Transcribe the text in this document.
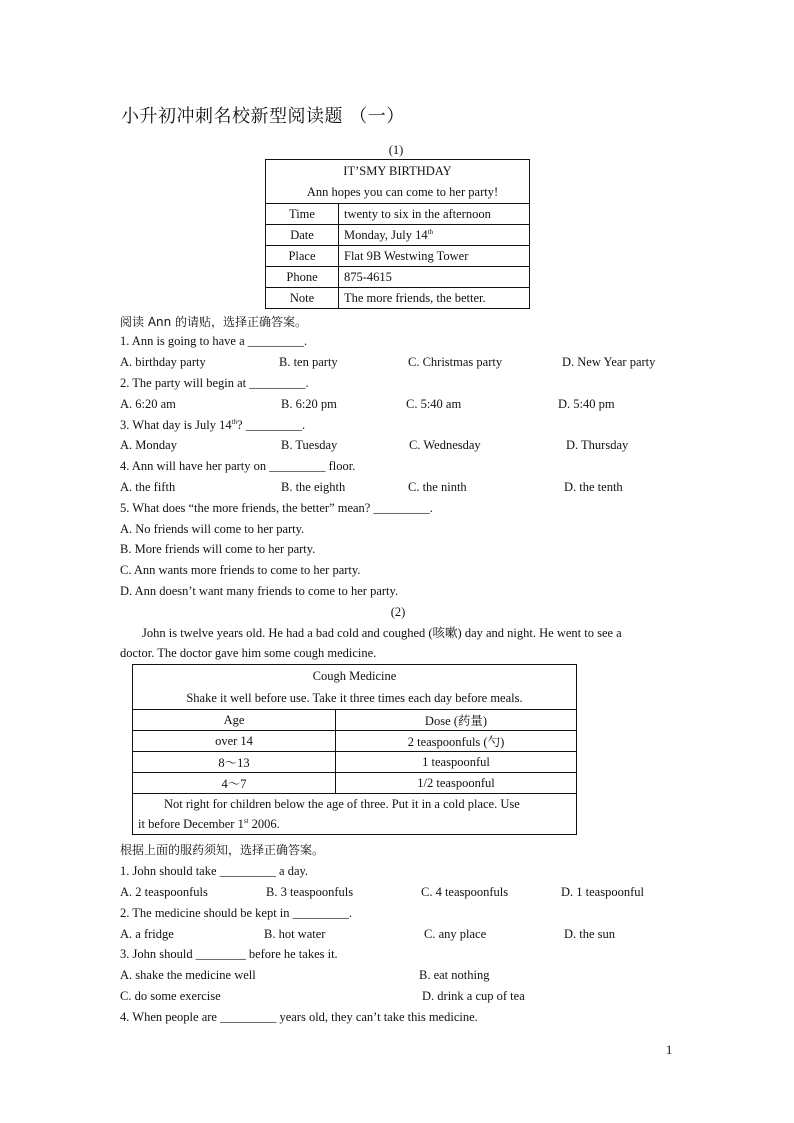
小升初冲刺名校新型阅读题 （一）
(1)
IT’SMY BIRTHDAY
Ann hopes you can come to her party!	

Time	twenty to six in the afternoon
Date	Monday, July 14th
Place	Flat 9B Westwing Tower
Phone	875-4615
Note	The more friends, the better.
阅读 Ann 的请贴，选择正确答案。
1. Ann is going to have a _________.
A. birthday party	B. ten party	C. Christmas party	D. New Year party
2. The party will begin at _________.
A. 6:20 am	B. 6:20 pm	C. 5:40 am	D. 5:40 pm
3. What day is July 14th? _________.
A. Monday	B. Tuesday	C. Wednesday	D. Thursday
4. Ann will have her party on _________ floor.
A. the fifth	B. the eighth	C. the ninth	D. the tenth
5. What does “the more friends, the better” mean? _________.
A. No friends will come to her party.
B. More friends will come to her party.
C. Ann wants more friends to come to her party.
D. Ann doesn’t want many friends to come to her party.
(2)
John is twelve years old. He had a bad cold and coughed (咳嗽) day and night. He went to see a
doctor. The doctor gave him some cough medicine.
Cough Medicine
Shake it well before use. Take it three times each day before meals.	

Age	Dose (药量)
over 14	2 teaspoonfuls (勺)
8～13	1 teaspoonful
4～7	1/2 teaspoonful

Not right for children below the age of three. Put it in a cold place. Use
it before December 1st 2006.	
根据上面的服药须知，选择正确答案。
1. John should take _________ a day.
A. 2 teaspoonfuls	B. 3 teaspoonfuls	C. 4 teaspoonfuls	D. 1 teaspoonful
2. The medicine should be kept in _________.
A. a fridge	B. hot water	C. any place	D. the sun
3. John should ________ before he takes it.
A. shake the medicine well	B. eat nothing
C. do some exercise	D. drink a cup of tea
4. When people are _________ years old, they can’t take this medicine.
1
